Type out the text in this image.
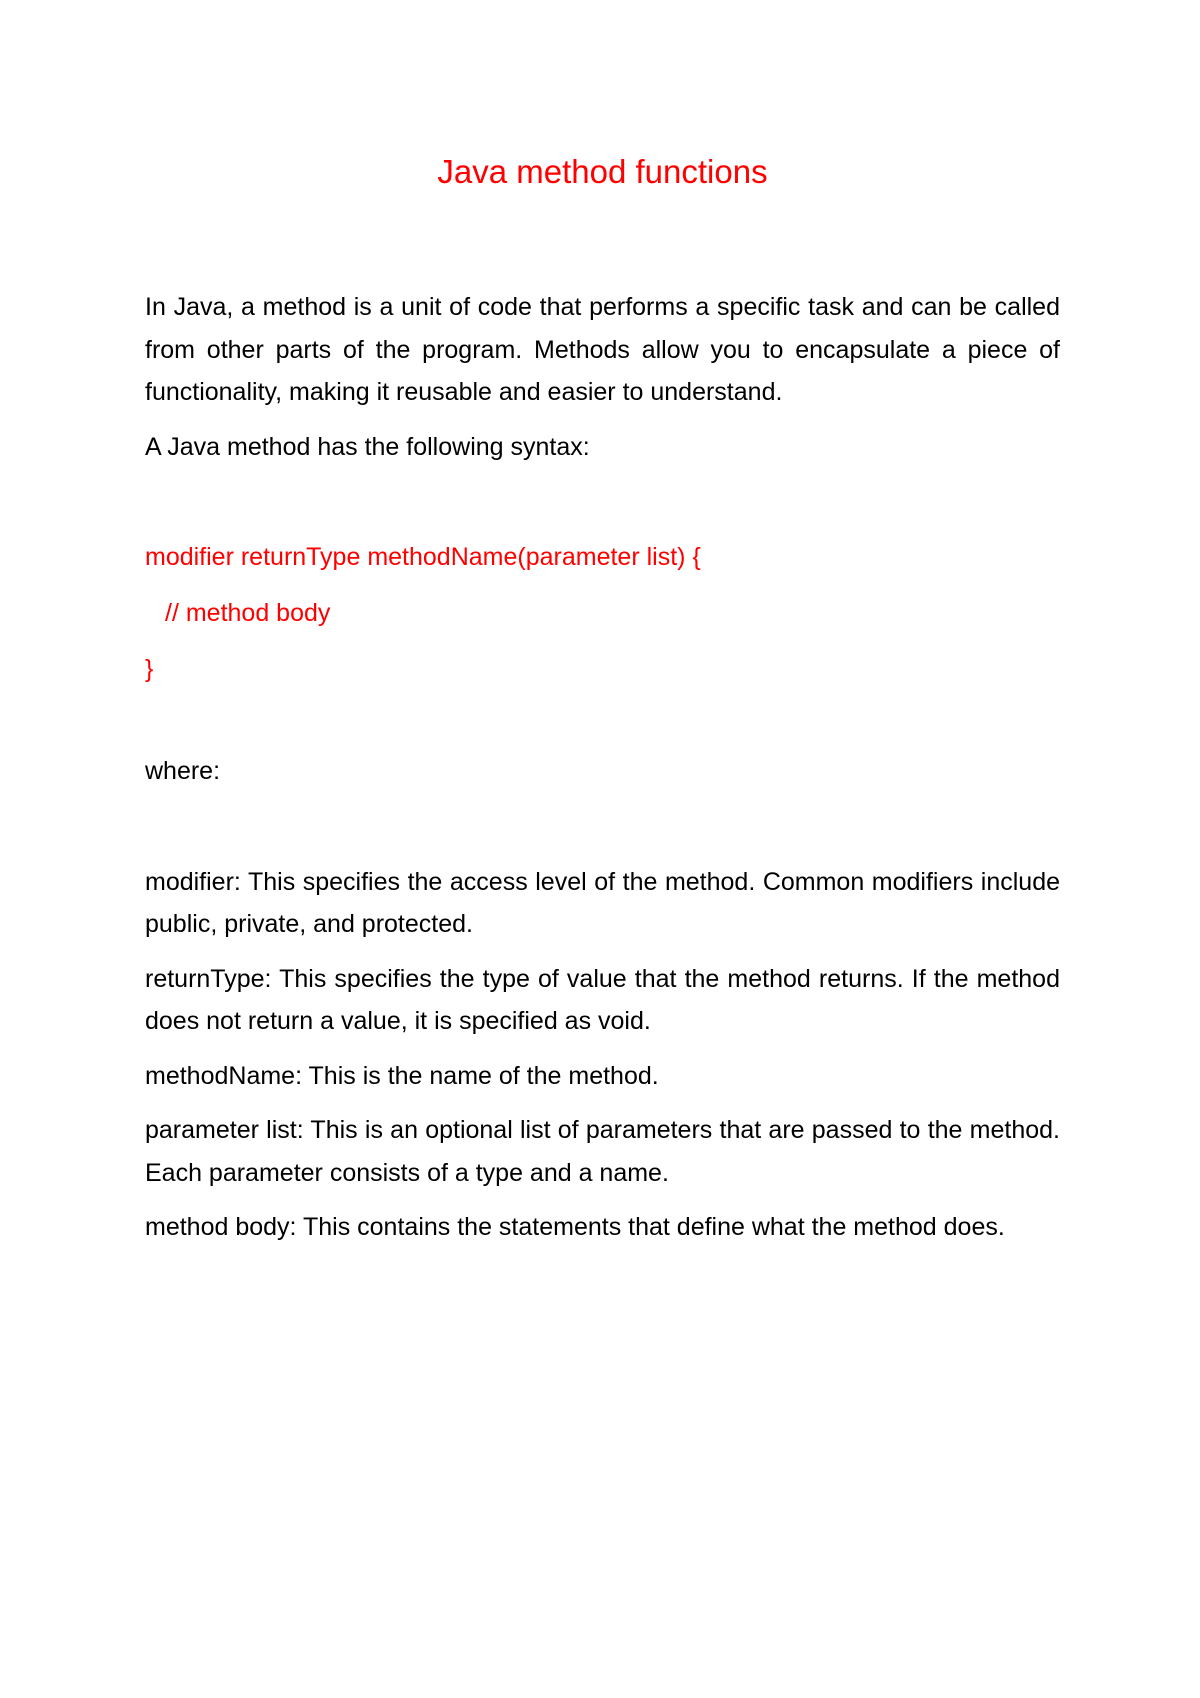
Java method functions

In Java, a method is a unit of code that performs a specific task and can be called from other parts of the program. Methods allow you to encapsulate a piece of functionality, making it reusable and easier to understand.

A Java method has the following syntax:

modifier returnType methodName(parameter list) {
// method body
}

where:

modifier: This specifies the access level of the method. Common modifiers include public, private, and protected.

returnType: This specifies the type of value that the method returns. If the method does not return a value, it is specified as void.

methodName: This is the name of the method.

parameter list: This is an optional list of parameters that are passed to the method. Each parameter consists of a type and a name.

method body: This contains the statements that define what the method does.
